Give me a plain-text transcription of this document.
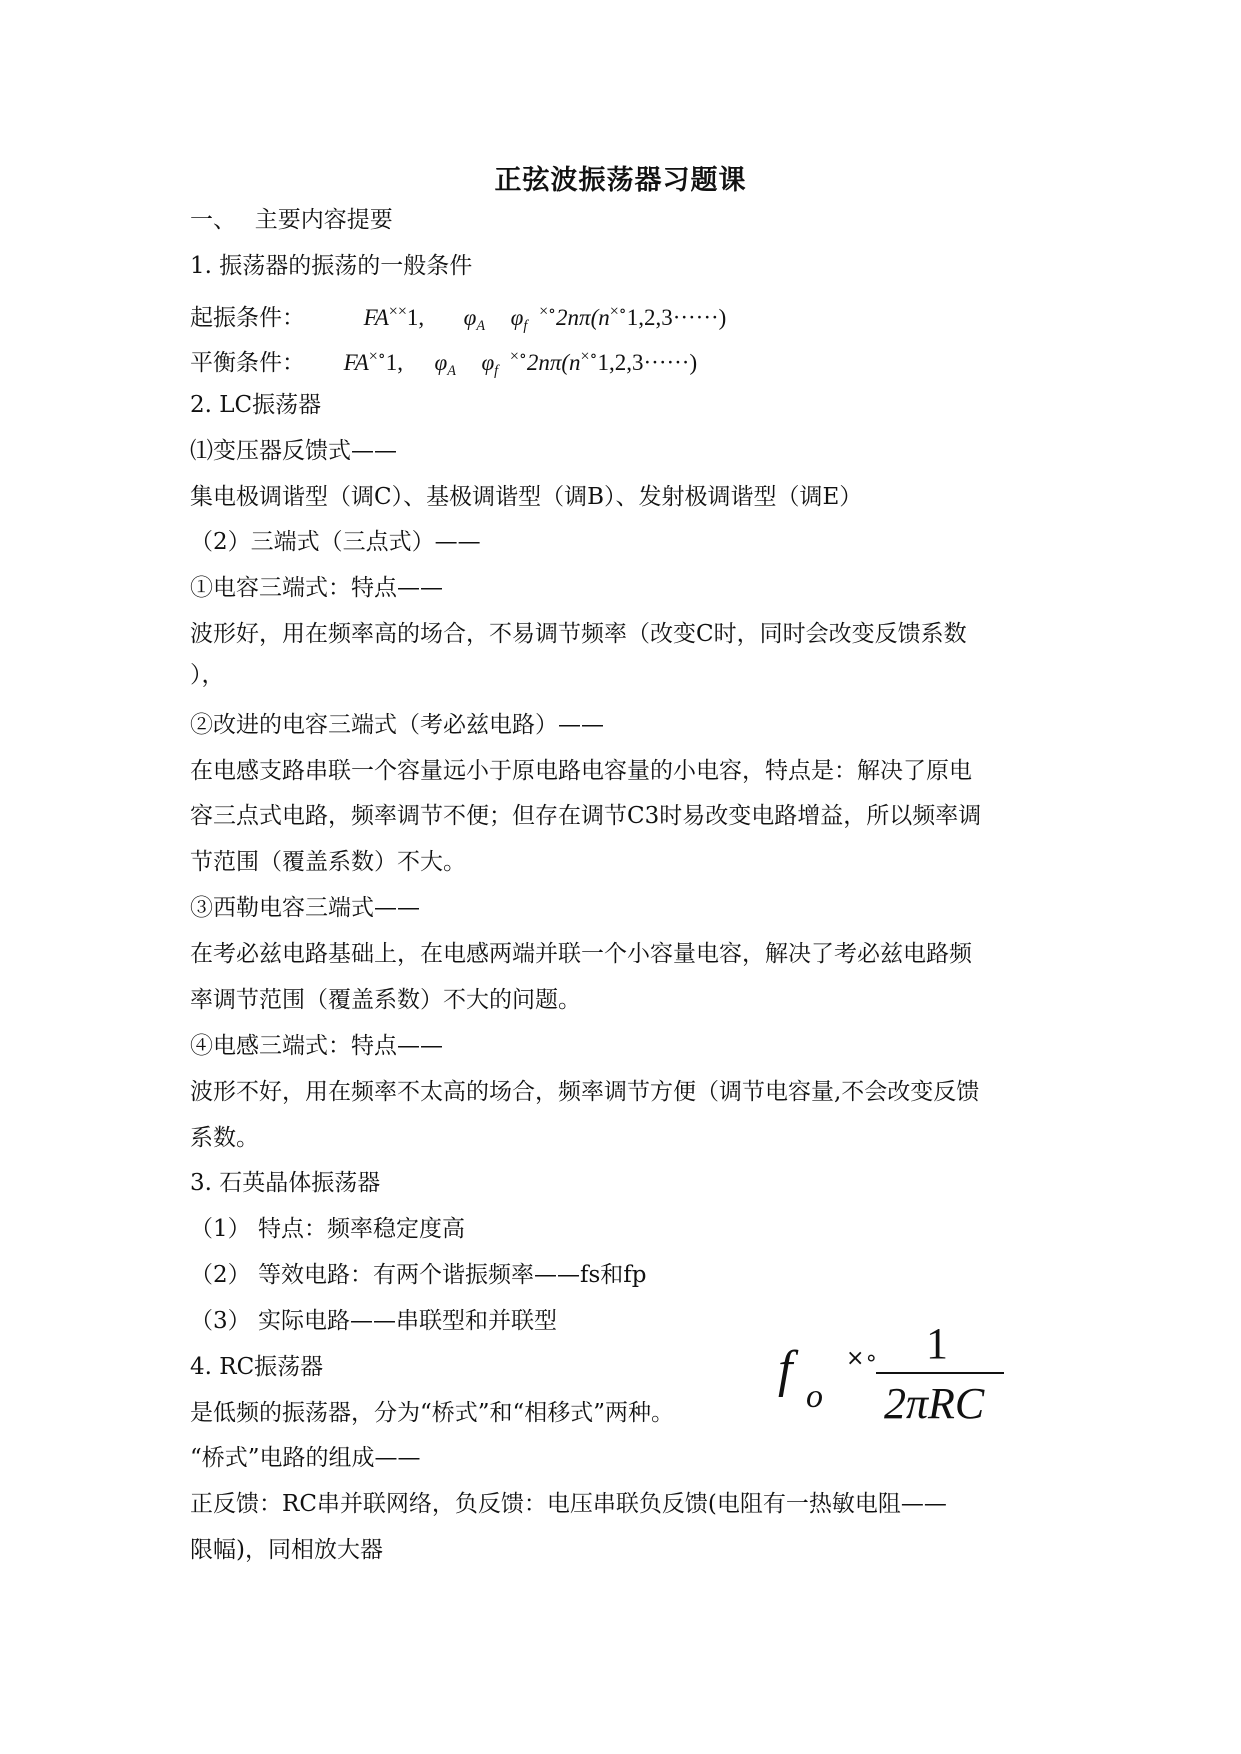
正弦波振荡器习题课
一、　 主要内容提要
1. 振荡器的振荡的一般条件
起振条件：	FA××1, $\varphi_A$ $\varphi_f$ ×∘2nπ(n×∘1,2,3······)
平衡条件： FA×∘1, $\varphi_A$ $\varphi_f$ ×∘2nπ(n×∘1,2,3······)
2. LC振荡器
⑴变压器反馈式——
集电极调谐型（调C）、基极调谐型（调B）、发射极调谐型（调E）
（2）三端式（三点式）——
①电容三端式：特点——
波形好，用在频率高的场合，不易调节频率（改变C时，同时会改变反馈系数
），
②改进的电容三端式（考必兹电路）——
在电感支路串联一个容量远小于原电路电容量的小电容，特点是：解决了原电
容三点式电路，频率调节不便；但存在调节C3时易改变电路增益，所以频率调
节范围（覆盖系数）不大。
③西勒电容三端式——
在考必兹电路基础上，在电感两端并联一个小容量电容，解决了考必兹电路频
率调节范围（覆盖系数）不大的问题。
④电感三端式：特点——
波形不好，用在频率不太高的场合，频率调节方便（调节电容量,不会改变反馈
系数。
3. 石英晶体振荡器
（1） 特点：频率稳定度高
（2） 等效电路：有两个谐振频率——fs和fp
（3） 实际电路——串联型和并联型
4. RC振荡器
是低频的振荡器，分为“桥式”和“相移式”两种。
“桥式”电路的组成——
正反馈：RC串并联网络，负反馈：电压串联负反馈(电阻有一热敏电阻——
限幅)，同相放大器
f o
×∘ 1
2πRC
